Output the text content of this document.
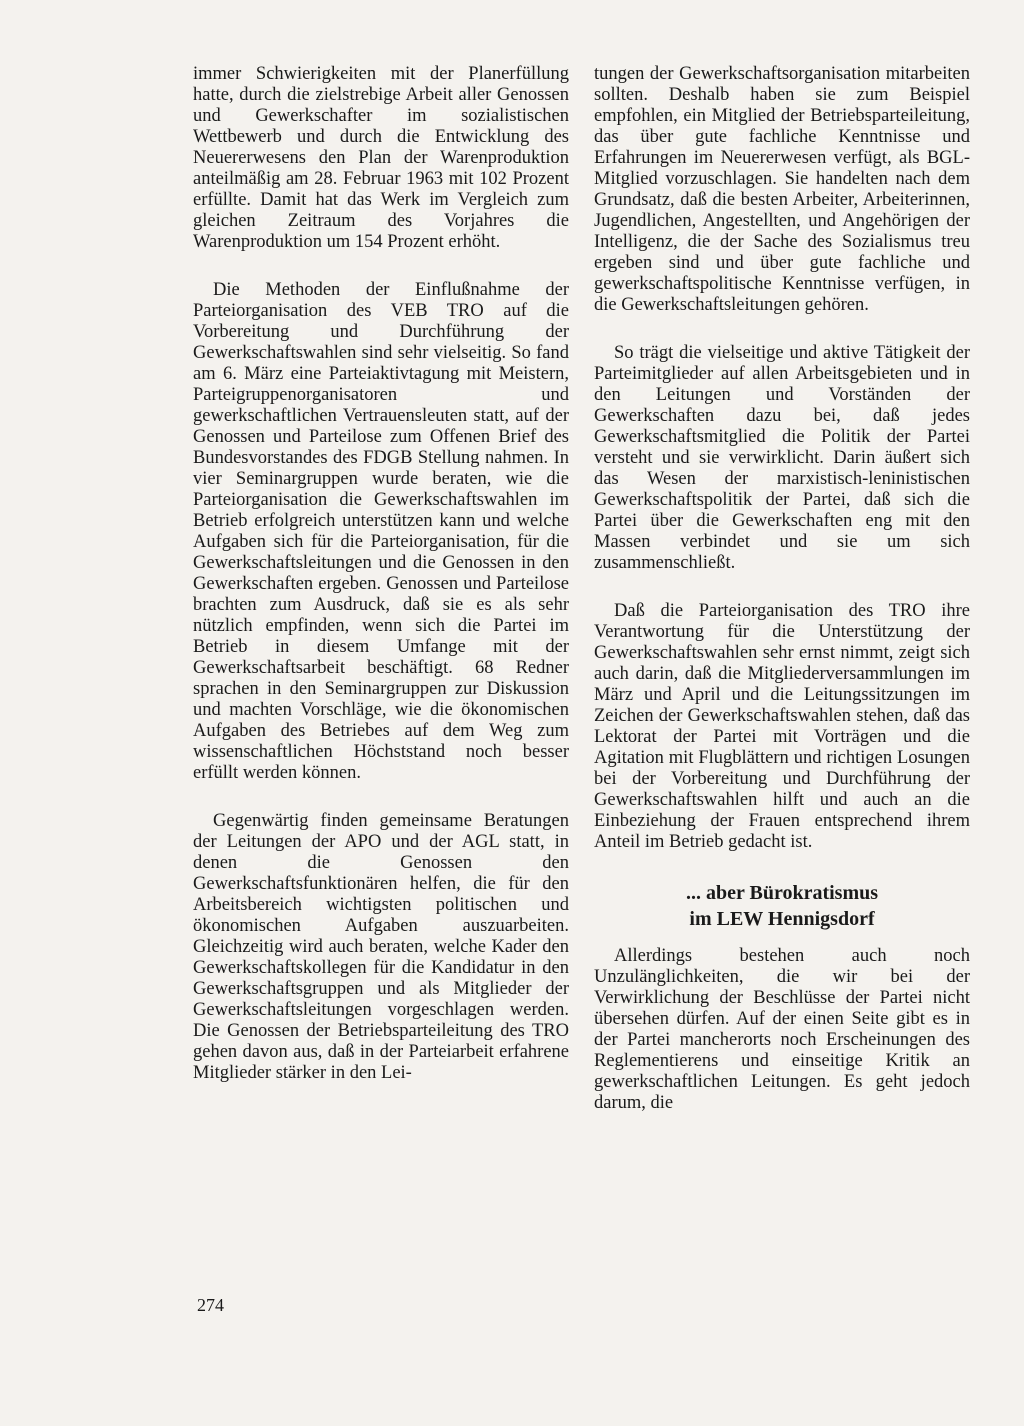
immer Schwierigkeiten mit der Planerfüllung hatte, durch die zielstrebige Arbeit aller Genossen und Gewerkschafter im sozialistischen Wettbewerb und durch die Entwicklung des Neuererwesens den Plan der Warenproduktion anteilmäßig am 28. Februar 1963 mit 102 Prozent erfüllte. Damit hat das Werk im Vergleich zum gleichen Zeitraum des Vorjahres die Warenproduktion um 154 Prozent erhöht.

Die Methoden der Einflußnahme der Parteiorganisation des VEB TRO auf die Vorbereitung und Durchführung der Gewerkschaftswahlen sind sehr vielseitig. So fand am 6. März eine Parteiaktivtagung mit Meistern, Parteigruppenorganisatoren und gewerkschaftlichen Vertrauensleuten statt, auf der Genossen und Parteilose zum Offenen Brief des Bundesvorstandes des FDGB Stellung nahmen. In vier Seminargruppen wurde beraten, wie die Parteiorganisation die Gewerkschaftswahlen im Betrieb erfolgreich unterstützen kann und welche Aufgaben sich für die Parteiorganisation, für die Gewerkschaftsleitungen und die Genossen in den Gewerkschaften ergeben. Genossen und Parteilose brachten zum Ausdruck, daß sie es als sehr nützlich empfinden, wenn sich die Partei im Betrieb in diesem Umfange mit der Gewerkschaftsarbeit beschäftigt. 68 Redner sprachen in den Seminargruppen zur Diskussion und machten Vorschläge, wie die ökonomischen Aufgaben des Betriebes auf dem Weg zum wissenschaftlichen Höchststand noch besser erfüllt werden können.

Gegenwärtig finden gemeinsame Beratungen der Leitungen der APO und der AGL statt, in denen die Genossen den Gewerkschaftsfunktionären helfen, die für den Arbeitsbereich wichtigsten politischen und ökonomischen Aufgaben auszuarbeiten. Gleichzeitig wird auch beraten, welche Kader den Gewerkschaftskollegen für die Kandidatur in den Gewerkschaftsgruppen und als Mitglieder der Gewerkschaftsleitungen vorgeschlagen werden. Die Genossen der Betriebsparteileitung des TRO gehen davon aus, daß in der Parteiarbeit erfahrene Mitglieder stärker in den Lei-

tungen der Gewerkschaftsorganisation mitarbeiten sollten. Deshalb haben sie zum Beispiel empfohlen, ein Mitglied der Betriebsparteileitung, das über gute fachliche Kenntnisse und Erfahrungen im Neuererwesen verfügt, als BGL-Mitglied vorzuschlagen. Sie handelten nach dem Grundsatz, daß die besten Arbeiter, Arbeiterinnen, Jugendlichen, Angestellten, und Angehörigen der Intelligenz, die der Sache des Sozialismus treu ergeben sind und über gute fachliche und gewerkschaftspolitische Kenntnisse verfügen, in die Gewerkschaftsleitungen gehören.

So trägt die vielseitige und aktive Tätigkeit der Parteimitglieder auf allen Arbeitsgebieten und in den Leitungen und Vorständen der Gewerkschaften dazu bei, daß jedes Gewerkschaftsmitglied die Politik der Partei versteht und sie verwirklicht. Darin äußert sich das Wesen der marxistisch-leninistischen Gewerkschaftspolitik der Partei, daß sich die Partei über die Gewerkschaften eng mit den Massen verbindet und sie um sich zusammenschließt.

Daß die Parteiorganisation des TRO ihre Verantwortung für die Unterstützung der Gewerkschaftswahlen sehr ernst nimmt, zeigt sich auch darin, daß die Mitgliederversammlungen im März und April und die Leitungssitzungen im Zeichen der Gewerkschaftswahlen stehen, daß das Lektorat der Partei mit Vorträgen und die Agitation mit Flugblättern und richtigen Losungen bei der Vorbereitung und Durchführung der Gewerkschaftswahlen hilft und auch an die Einbeziehung der Frauen entsprechend ihrem Anteil im Betrieb gedacht ist.

... aber Bürokratismus
im LEW Hennigsdorf

Allerdings bestehen auch noch Unzulänglichkeiten, die wir bei der Verwirklichung der Beschlüsse der Partei nicht übersehen dürfen. Auf der einen Seite gibt es in der Partei mancherorts noch Erscheinungen des Reglementierens und einseitige Kritik an gewerkschaftlichen Leitungen. Es geht jedoch darum, die

274
